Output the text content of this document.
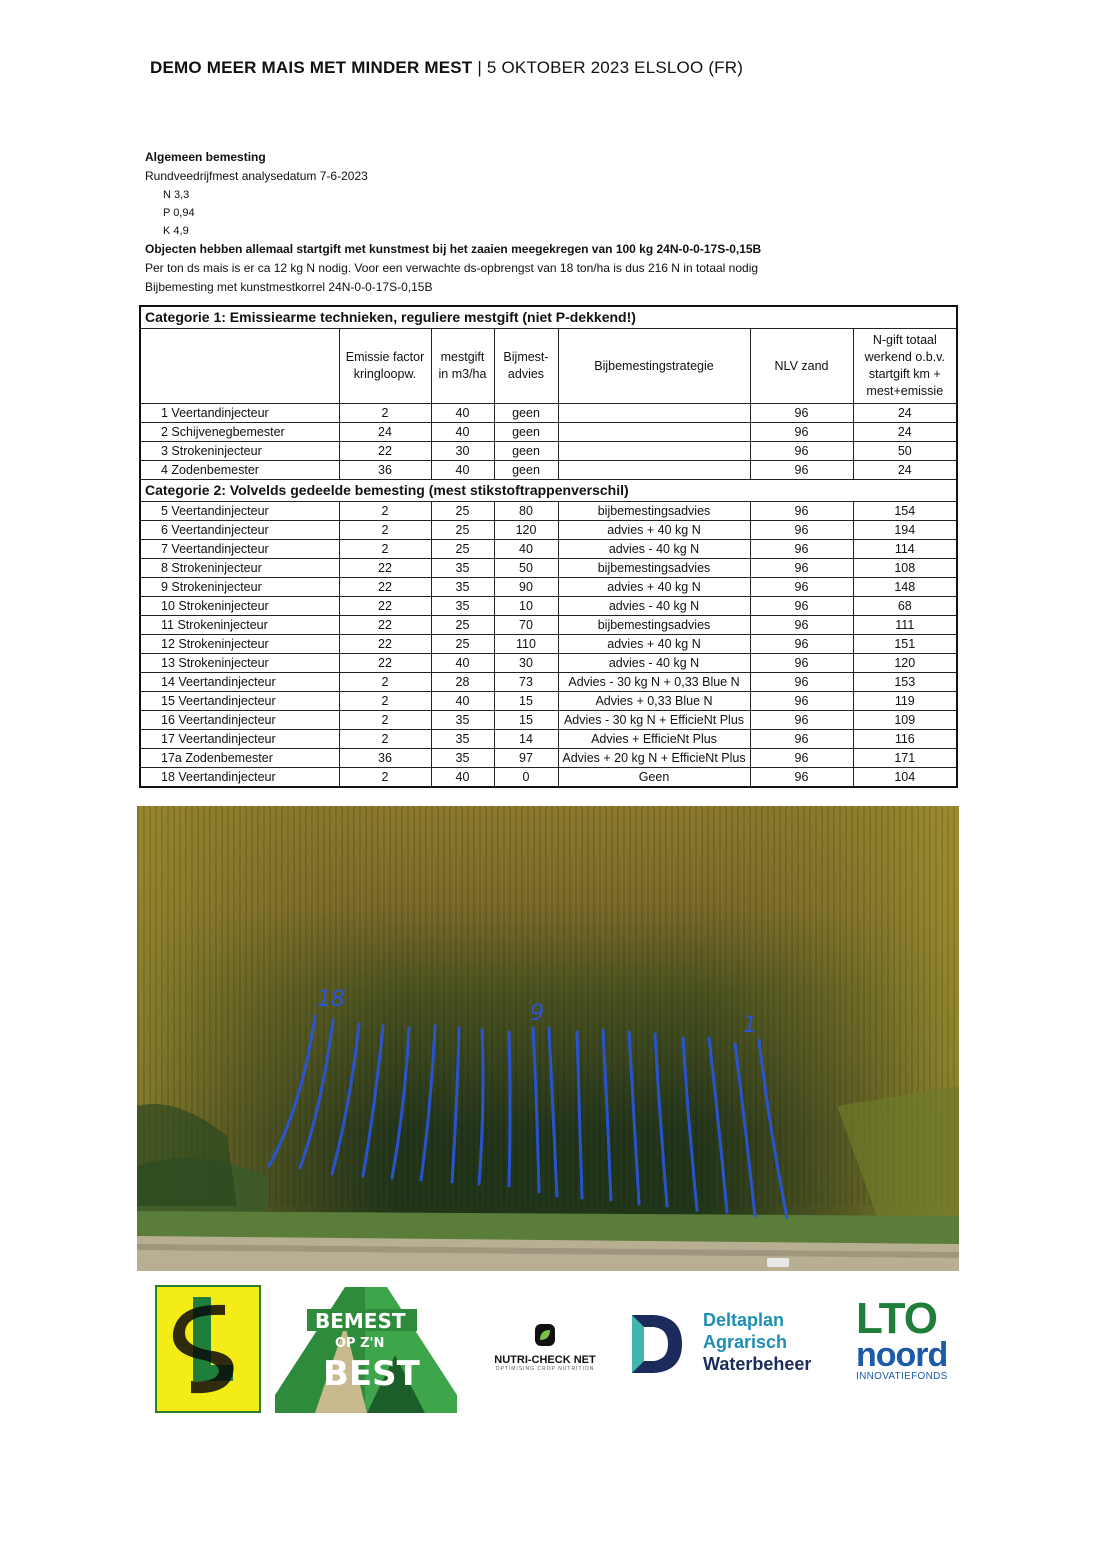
DEMO MEER MAIS MET MINDER MEST | 5 OKTOBER 2023 ELSLOO (FR)
Algemeen bemesting
Rundveedrijfmest analysedatum 7-6-2023
N 3,3
P 0,94
K 4,9
Objecten hebben allemaal startgift met kunstmest bij het zaaien meegekregen van 100 kg 24N-0-0-17S-0,15B
Per ton ds mais is er ca 12 kg N nodig. Voor een verwachte ds-opbrengst van 18 ton/ha is dus 216 N in totaal nodig
Bijbemesting met kunstmestkorrel 24N-0-0-17S-0,15B
Categorie 1: Emissiearme technieken, reguliere mestgift (niet P-dekkend!)						
	Emissie factor kringloopw.	mestgift in m3/ha	Bijmest-advies	Bijbemestingstrategie	NLV zand	N-gift totaal werkend o.b.v. startgift km + mest+emissie
1 Veertandinjecteur	2	40	geen		96	24
2 Schijvenegbemester	24	40	geen		96	24
3 Strokeninjecteur	22	30	geen		96	50
4 Zodenbemester	36	40	geen		96	24
Categorie 2: Volvelds gedeelde bemesting (mest stikstoftrappenverschil)						
5 Veertandinjecteur	2	25	80	bijbemestingsadvies	96	154
6 Veertandinjecteur	2	25	120	advies + 40 kg N	96	194
7 Veertandinjecteur	2	25	40	advies - 40 kg N	96	114
8 Strokeninjecteur	22	35	50	bijbemestingsadvies	96	108
9 Strokeninjecteur	22	35	90	advies + 40 kg N	96	148
10 Strokeninjecteur	22	35	10	advies - 40 kg N	96	68
11 Strokeninjecteur	22	25	70	bijbemestingsadvies	96	111
12 Strokeninjecteur	22	25	110	advies + 40 kg N	96	151
13 Strokeninjecteur	22	40	30	advies - 40 kg N	96	120
14 Veertandinjecteur	2	28	73	Advies - 30 kg N + 0,33 Blue N	96	153
15 Veertandinjecteur	2	40	15	Advies + 0,33 Blue N	96	119
16 Veertandinjecteur	2	35	15	Advies - 30 kg N + EfficieNt Plus	96	109
17 Veertandinjecteur	2	35	14	Advies + EfficieNt Plus	96	116
17a Zodenbemester	36	35	97	Advies + 20 kg N + EfficieNt Plus	96	171
18 Veertandinjecteur	2	40	0	Geen	96	104
18
9	1
BEMEST
OP Z'N
BEST	NUTRI-CHECK NET
OPTIMISING CROP NUTRITION
Deltaplan
Agrarisch
Waterbeheer
LTO
noord
INNOVATIEFONDS
